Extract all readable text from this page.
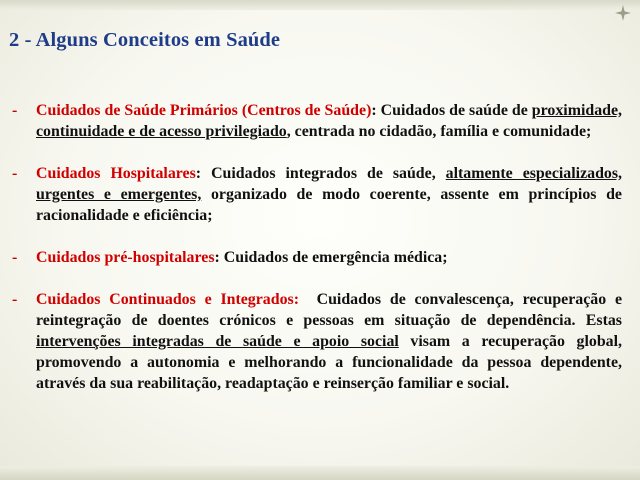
2 - Alguns Conceitos em Saúde
- Cuidados de Saúde Primários (Centros de Saúde): Cuidados de saúde de proximidade, continuidade e de acesso privilegiado, centrada no cidadão, família e comunidade;
- Cuidados Hospitalares: Cuidados integrados de saúde, altamente especializados, urgentes e emergentes, organizado de modo coerente, assente em princípios de racionalidade e eficiência;
- Cuidados pré-hospitalares: Cuidados de emergência médica;
- Cuidados Continuados e Integrados: Cuidados de convalescença, recuperação e reintegração de doentes crónicos e pessoas em situação de dependência. Estas intervenções integradas de saúde e apoio social visam a recuperação global, promovendo a autonomia e melhorando a funcionalidade da pessoa dependente, através da sua reabilitação, readaptação e reinserção familiar e social.
